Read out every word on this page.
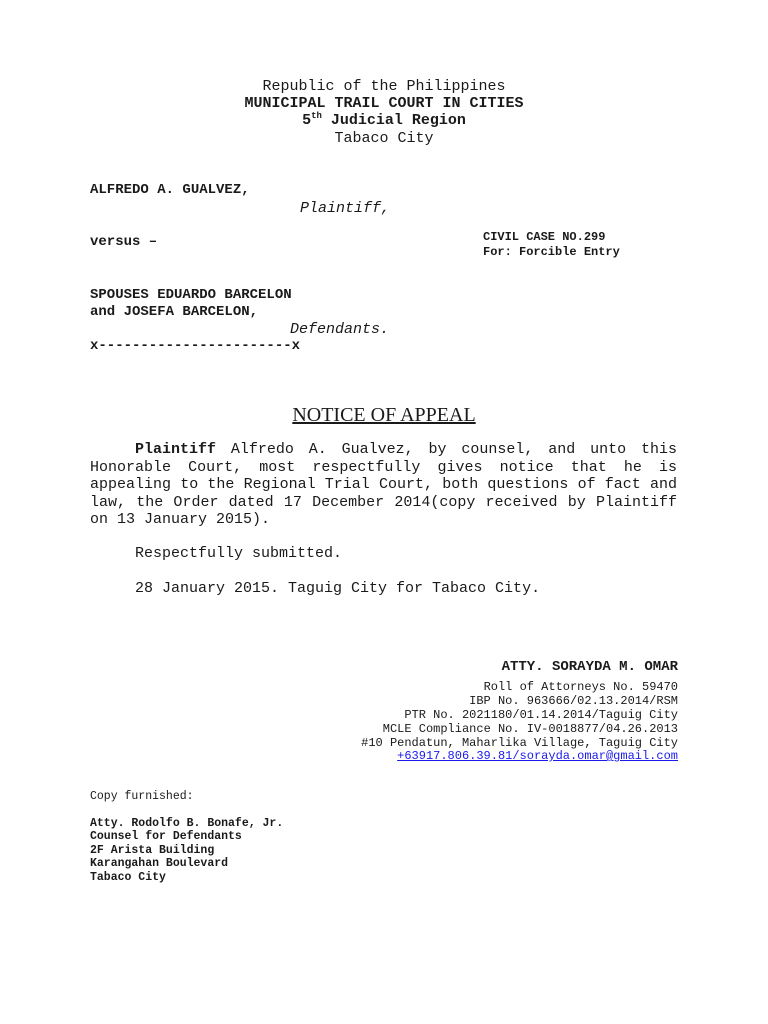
Republic of the Philippines
MUNICIPAL TRAIL COURT IN CITIES
5th Judicial Region
Tabaco City
ALFREDO A. GUALVEZ,
Plaintiff,
versus –	CIVIL CASE NO.299
For: Forcible Entry
SPOUSES EDUARDO BARCELON
and JOSEFA BARCELON,
Defendants.
x-----------------------x
NOTICE OF APPEAL
Plaintiff Alfredo A. Gualvez, by counsel, and unto this Honorable Court, most respectfully gives notice that he is appealing to the Regional Trial Court, both questions of fact and law, the Order dated 17 December 2014(copy received by Plaintiff on 13 January 2015).
Respectfully submitted.
28 January 2015. Taguig City for Tabaco City.
ATTY. SORAYDA M. OMAR
Roll of Attorneys No. 59470
IBP No. 963666/02.13.2014/RSM
PTR No. 2021180/01.14.2014/Taguig City
MCLE Compliance No. IV-0018877/04.26.2013
#10 Pendatun, Maharlika Village, Taguig City
+63917.806.39.81/sorayda.omar@gmail.com
Copy furnished:
Atty. Rodolfo B. Bonafe, Jr.
Counsel for Defendants
2F Arista Building
Karangahan Boulevard
Tabaco City
